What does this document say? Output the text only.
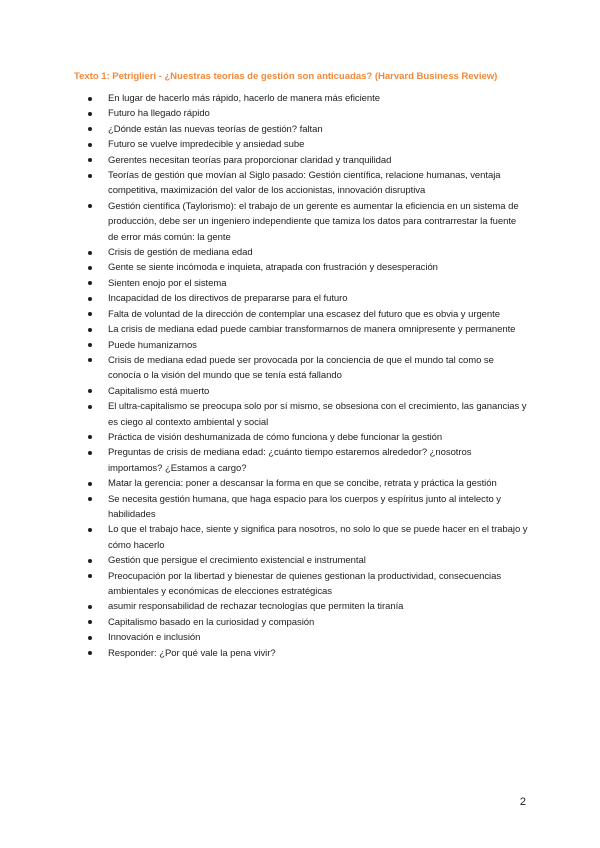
Texto 1: Petriglieri - ¿Nuestras teorías de gestión son anticuadas? (Harvard Business Review)
En lugar de hacerlo más rápido, hacerlo de manera más eficiente
Futuro ha llegado rápido
¿Dónde están las nuevas teorías de gestión? faltan
Futuro se vuelve impredecible y ansiedad sube
Gerentes necesitan teorías para proporcionar claridad y tranquilidad
Teorías de gestión que movían al Siglo pasado: Gestión científica, relacione humanas, ventaja competitiva, maximización del valor de los accionistas, innovación disruptiva
Gestión científica (Taylorismo): el trabajo de un gerente es aumentar la eficiencia en un sistema de producción, debe ser un ingeniero independiente que tamiza los datos para contrarrestar la fuente de error más común: la gente
Crisis de gestión de mediana edad
Gente se siente incómoda e inquieta, atrapada con frustración y desesperación
Sienten enojo por el sistema
Incapacidad de los directivos de prepararse para el futuro
Falta de voluntad de la dirección de contemplar una escasez del futuro que es obvia y urgente
La crisis de mediana edad puede cambiar transformarnos de manera omnipresente y permanente
Puede humanizarnos
Crisis de mediana edad puede ser provocada por la conciencia de que el mundo tal como se conocía o la visión del mundo que se tenía está fallando
Capitalismo está muerto
El ultra-capitalismo se preocupa solo por sí mismo, se obsesiona con el crecimiento, las ganancias y es ciego al contexto ambiental y social
Práctica de visión deshumanizada de cómo funciona y debe funcionar la gestión
Preguntas de crisis de mediana edad: ¿cuánto tiempo estaremos alrededor? ¿nosotros importamos? ¿Estamos a cargo?
Matar la gerencia: poner a descansar la forma en que se concibe, retrata y práctica la gestión
Se necesita gestión humana, que haga espacio para los cuerpos y espíritus junto al intelecto y habilidades
Lo que el trabajo hace, siente y significa para nosotros, no solo lo que se puede hacer en el trabajo y cómo hacerlo
Gestión que persigue el crecimiento existencial e instrumental
Preocupación por la libertad y bienestar de quienes gestionan la productividad, consecuencias ambientales y económicas de elecciones estratégicas
asumir responsabilidad de rechazar tecnologías que permiten la tiranía
Capitalismo basado en la curiosidad y compasión
Innovación e inclusión
Responder: ¿Por qué vale la pena vivir?
2
